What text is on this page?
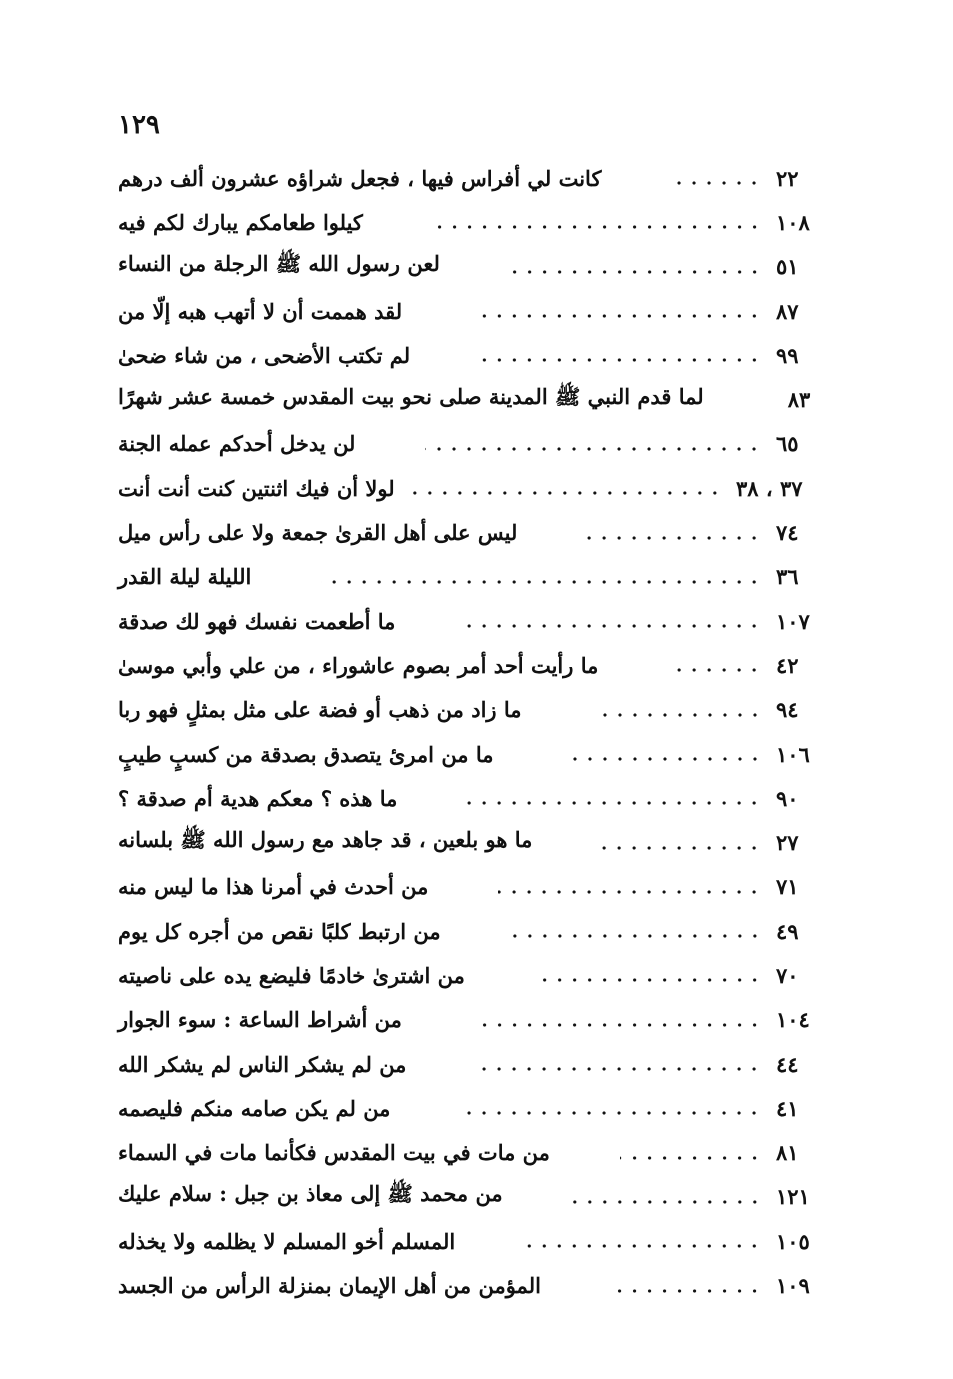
١٢٩
كانت لي أفراس فيها ، فجعل شراؤه عشرون ألف درهم	٢٢
كيلوا طعامكم يبارك لكم فيه	١٠٨
لعن رسول الله ﷺ الرجلة من النساء	٥١
لقد هممت أن لا أتهب هبه إلّا من	٨٧
لم تكتب الأضحى ، من شاء ضحىٰ	٩٩
لما قدم النبي ﷺ المدينة صلى نحو بيت المقدس خمسة عشر شهرًا	٨٣
لن يدخل أحدكم عمله الجنة	٦٥
لولا أن فيك اثنتين كنت أنت أنت	٣٧ ، ٣٨
ليس على أهل القرىٰ جمعة ولا على رأس ميل	٧٤
الليلة ليلة القدر	٣٦
ما أطعمت نفسك فهو لك صدقة	١٠٧
ما رأيت أحد أمر بصوم عاشوراء ، من علي وأبي موسىٰ	٤٢
ما زاد من ذهب أو فضة على مثل بمثلٍ فهو ربا	٩٤
ما من امرئ يتصدق بصدقة من كسبٍ طيبٍ	١٠٦
ما هذه ؟ معكم هدية أم صدقة ؟	٩٠
ما هو بلعين ، قد جاهد مع رسول الله ﷺ بلسانه	٢٧
من أحدث في أمرنا هذا ما ليس منه	٧١
من ارتبط كلبًا نقص من أجره كل يوم	٤٩
من اشترىٰ خادمًا فليضع يده على ناصيته	٧٠
من أشراط الساعة : سوء الجوار	١٠٤
من لم يشكر الناس لم يشكر الله	٤٤
من لم يكن صامه منكم فليصمه	٤١
من مات في بيت المقدس فكأنما مات في السماء	٨١
من محمد ﷺ إلى معاذ بن جبل : سلام عليك	١٢١
المسلم أخو المسلم لا يظلمه ولا يخذله	١٠٥
المؤمن من أهل الإيمان بمنزلة الرأس من الجسد	١٠٩
